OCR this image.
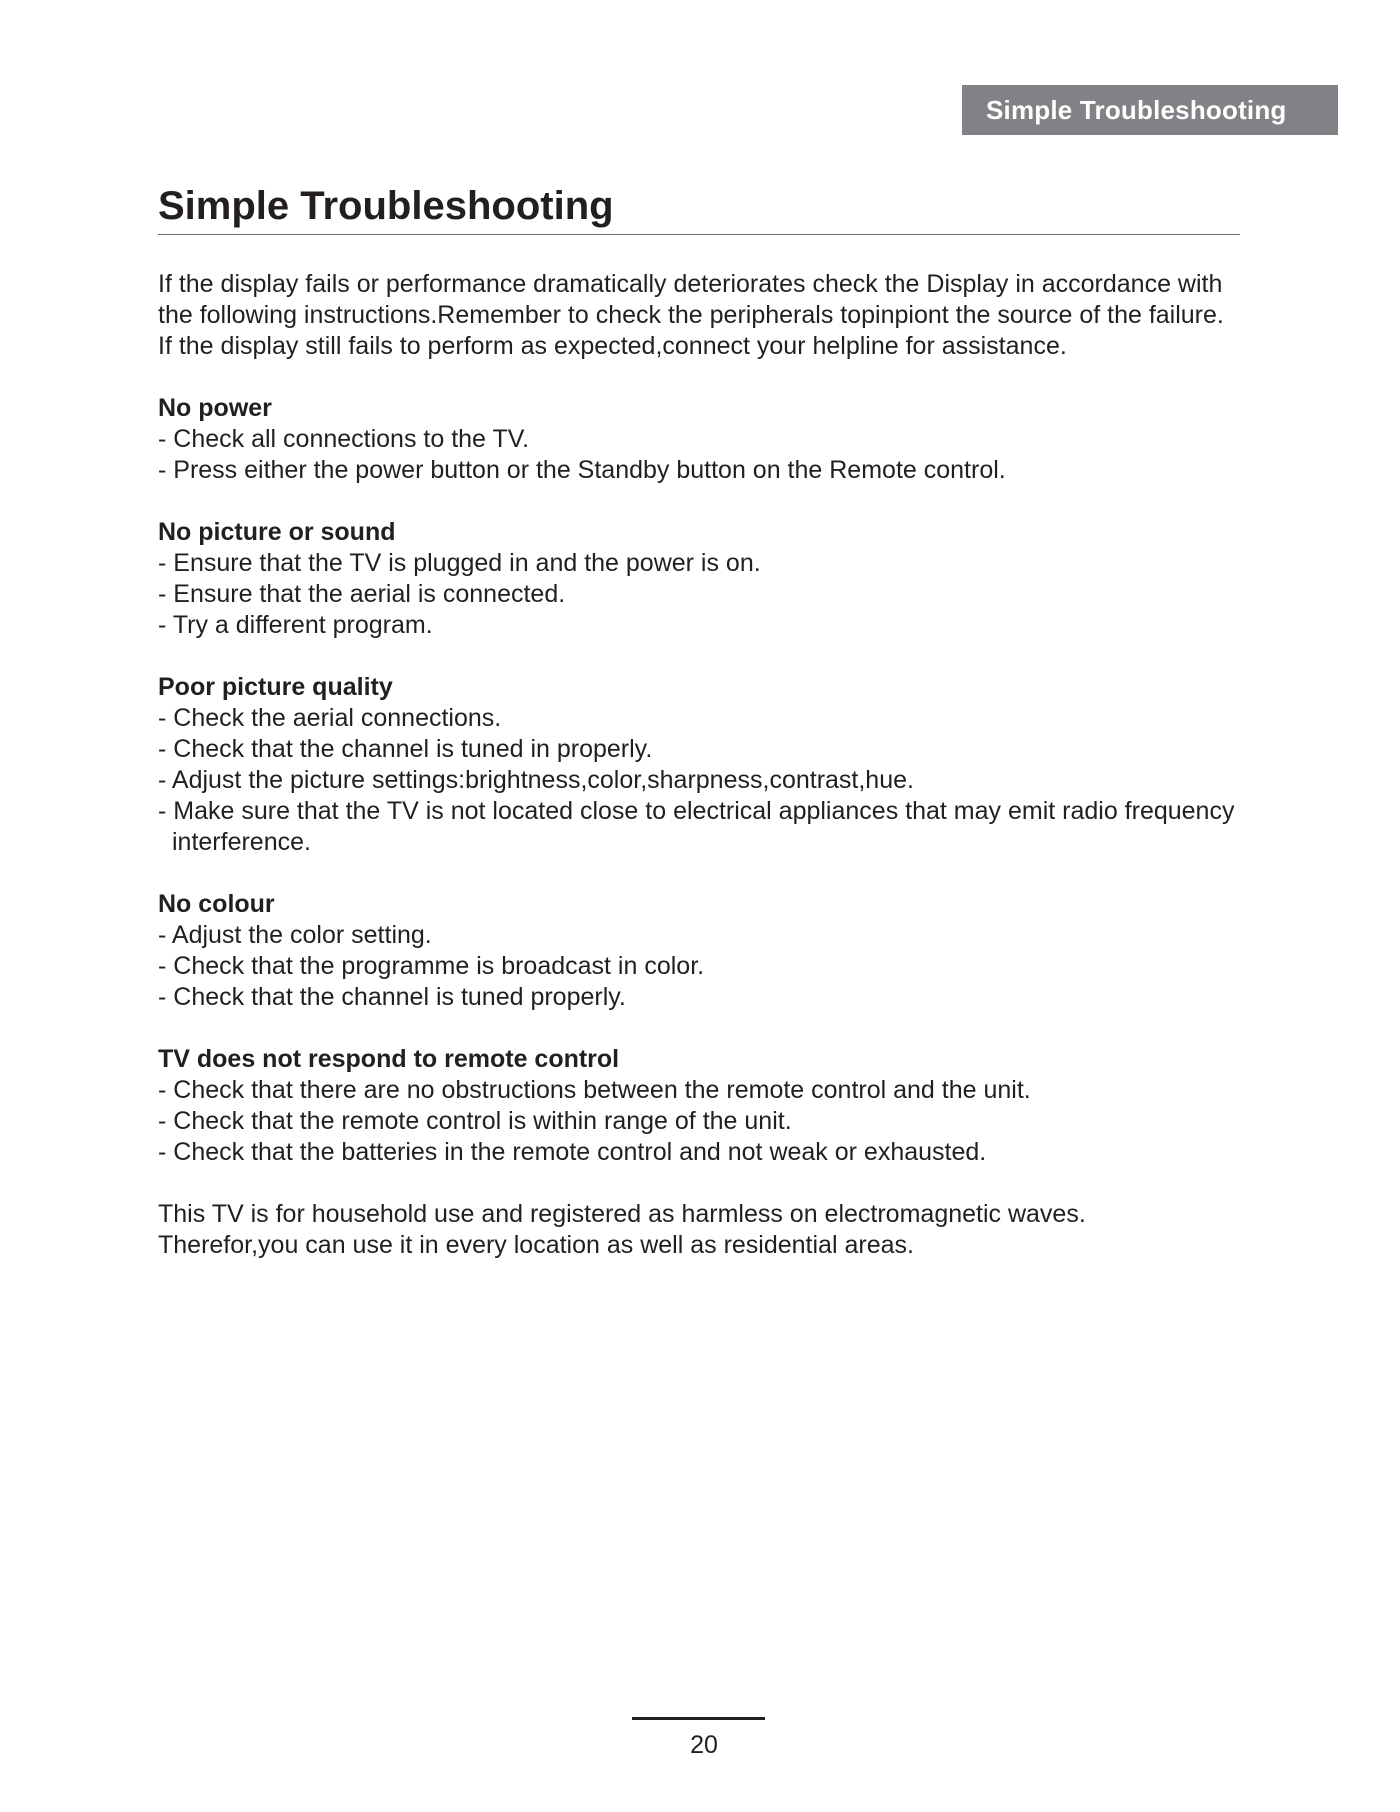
Simple Troubleshooting
Simple Troubleshooting

If the display fails or performance dramatically deteriorates check the Display in accordance with the following instructions.Remember to check the peripherals topinpiont the source of the failure.

If the display still fails to perform as expected,connect your helpline for assistance.

No power

- Check all connections to the TV.

- Press either the power button or the Standby button on the Remote control.

No picture or sound

- Ensure that the TV is plugged in and the power is on.

- Ensure that the aerial is connected.

- Try a different program.

Poor picture quality

- Check the aerial connections.

- Check that the channel is tuned in properly.

- Adjust the picture settings:brightness,color,sharpness,contrast,hue.

- Make sure that the TV is not located close to electrical appliances that may emit radio frequency interference.

No colour

- Adjust the color setting.

- Check that the programme is broadcast in color.

- Check that the channel is tuned properly.

TV does not respond to remote control

- Check that there are no obstructions between the remote control and the unit.

- Check that the remote control is within range of the unit.

- Check that the batteries in the remote control and not weak or exhausted.

This TV is for household use and registered as harmless on electromagnetic waves.

Therefor,you can use it in every location as well as residential areas.

20
